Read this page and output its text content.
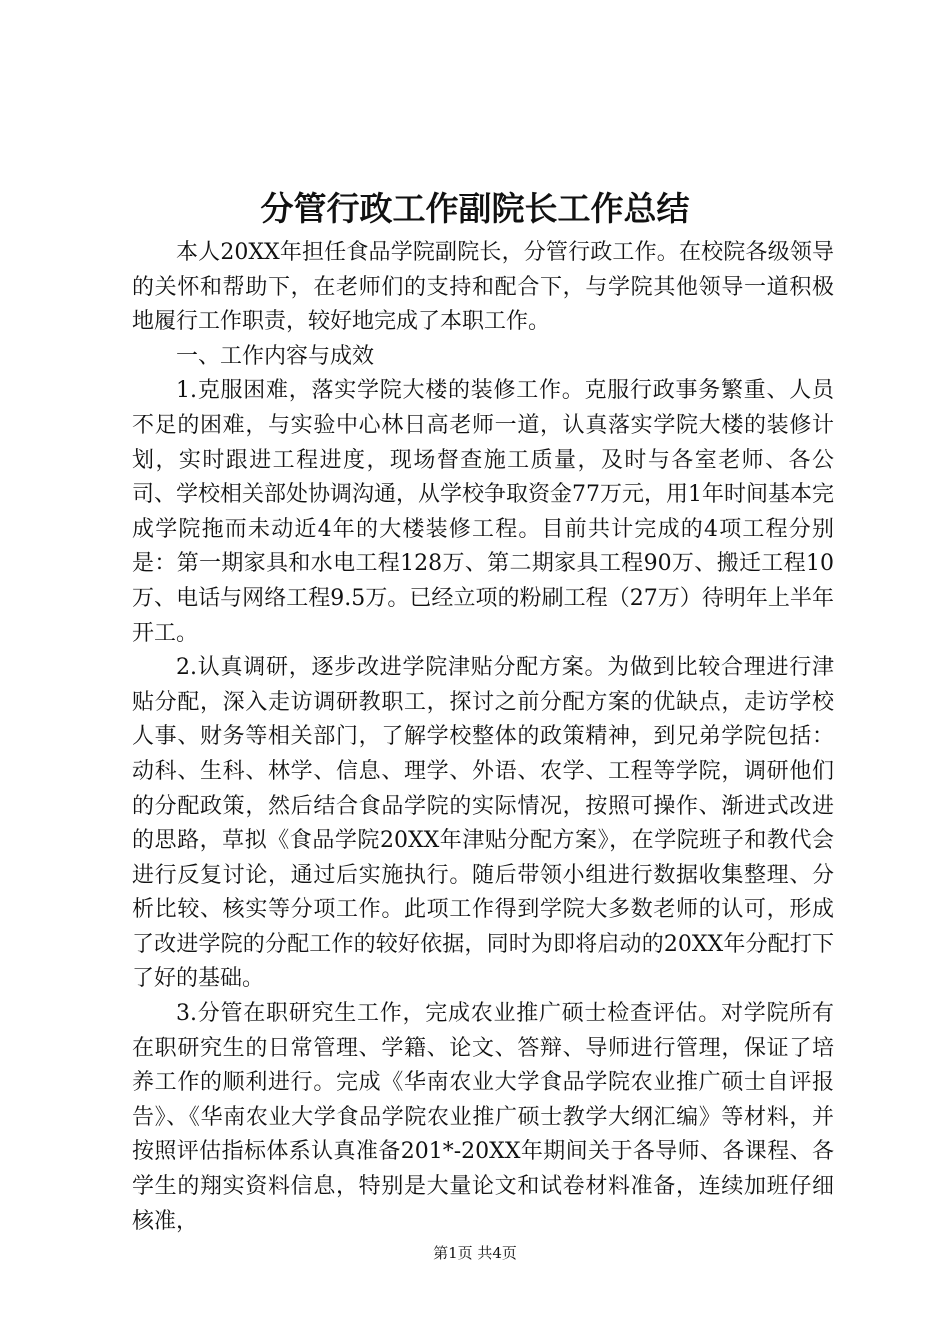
分管行政工作副院长工作总结

本人20XX年担任食品学院副院长，分管行政工作。在校院各级领导的关怀和帮助下，在老师们的支持和配合下，与学院其他领导一道积极地履行工作职责，较好地完成了本职工作。

一、工作内容与成效

1.克服困难，落实学院大楼的装修工作。克服行政事务繁重、人员不足的困难，与实验中心林日高老师一道，认真落实学院大楼的装修计划，实时跟进工程进度，现场督查施工质量，及时与各室老师、各公司、学校相关部处协调沟通，从学校争取资金77万元，用1年时间基本完成学院拖而未动近4年的大楼装修工程。目前共计完成的4项工程分别是：第一期家具和水电工程128万、第二期家具工程90万、搬迁工程10万、电话与网络工程9.5万。已经立项的粉刷工程（27万）待明年上半年开工。

2.认真调研，逐步改进学院津贴分配方案。为做到比较合理进行津贴分配，深入走访调研教职工，探讨之前分配方案的优缺点，走访学校人事、财务等相关部门，了解学校整体的政策精神，到兄弟学院包括：动科、生科、林学、信息、理学、外语、农学、工程等学院，调研他们的分配政策，然后结合食品学院的实际情况，按照可操作、渐进式改进的思路，草拟《食品学院20XX年津贴分配方案》，在学院班子和教代会进行反复讨论，通过后实施执行。随后带领小组进行数据收集整理、分析比较、核实等分项工作。此项工作得到学院大多数老师的认可，形成了改进学院的分配工作的较好依据，同时为即将启动的20XX年分配打下了好的基础。

3.分管在职研究生工作，完成农业推广硕士检查评估。对学院所有在职研究生的日常管理、学籍、论文、答辩、导师进行管理，保证了培养工作的顺利进行。完成《华南农业大学食品学院农业推广硕士自评报告》、《华南农业大学食品学院农业推广硕士教学大纲汇编》等材料，并按照评估指标体系认真准备201*-20XX年期间关于各导师、各课程、各学生的翔实资料信息，特别是大量论文和试卷材料准备，连续加班仔细核准，

第1页 共4页
